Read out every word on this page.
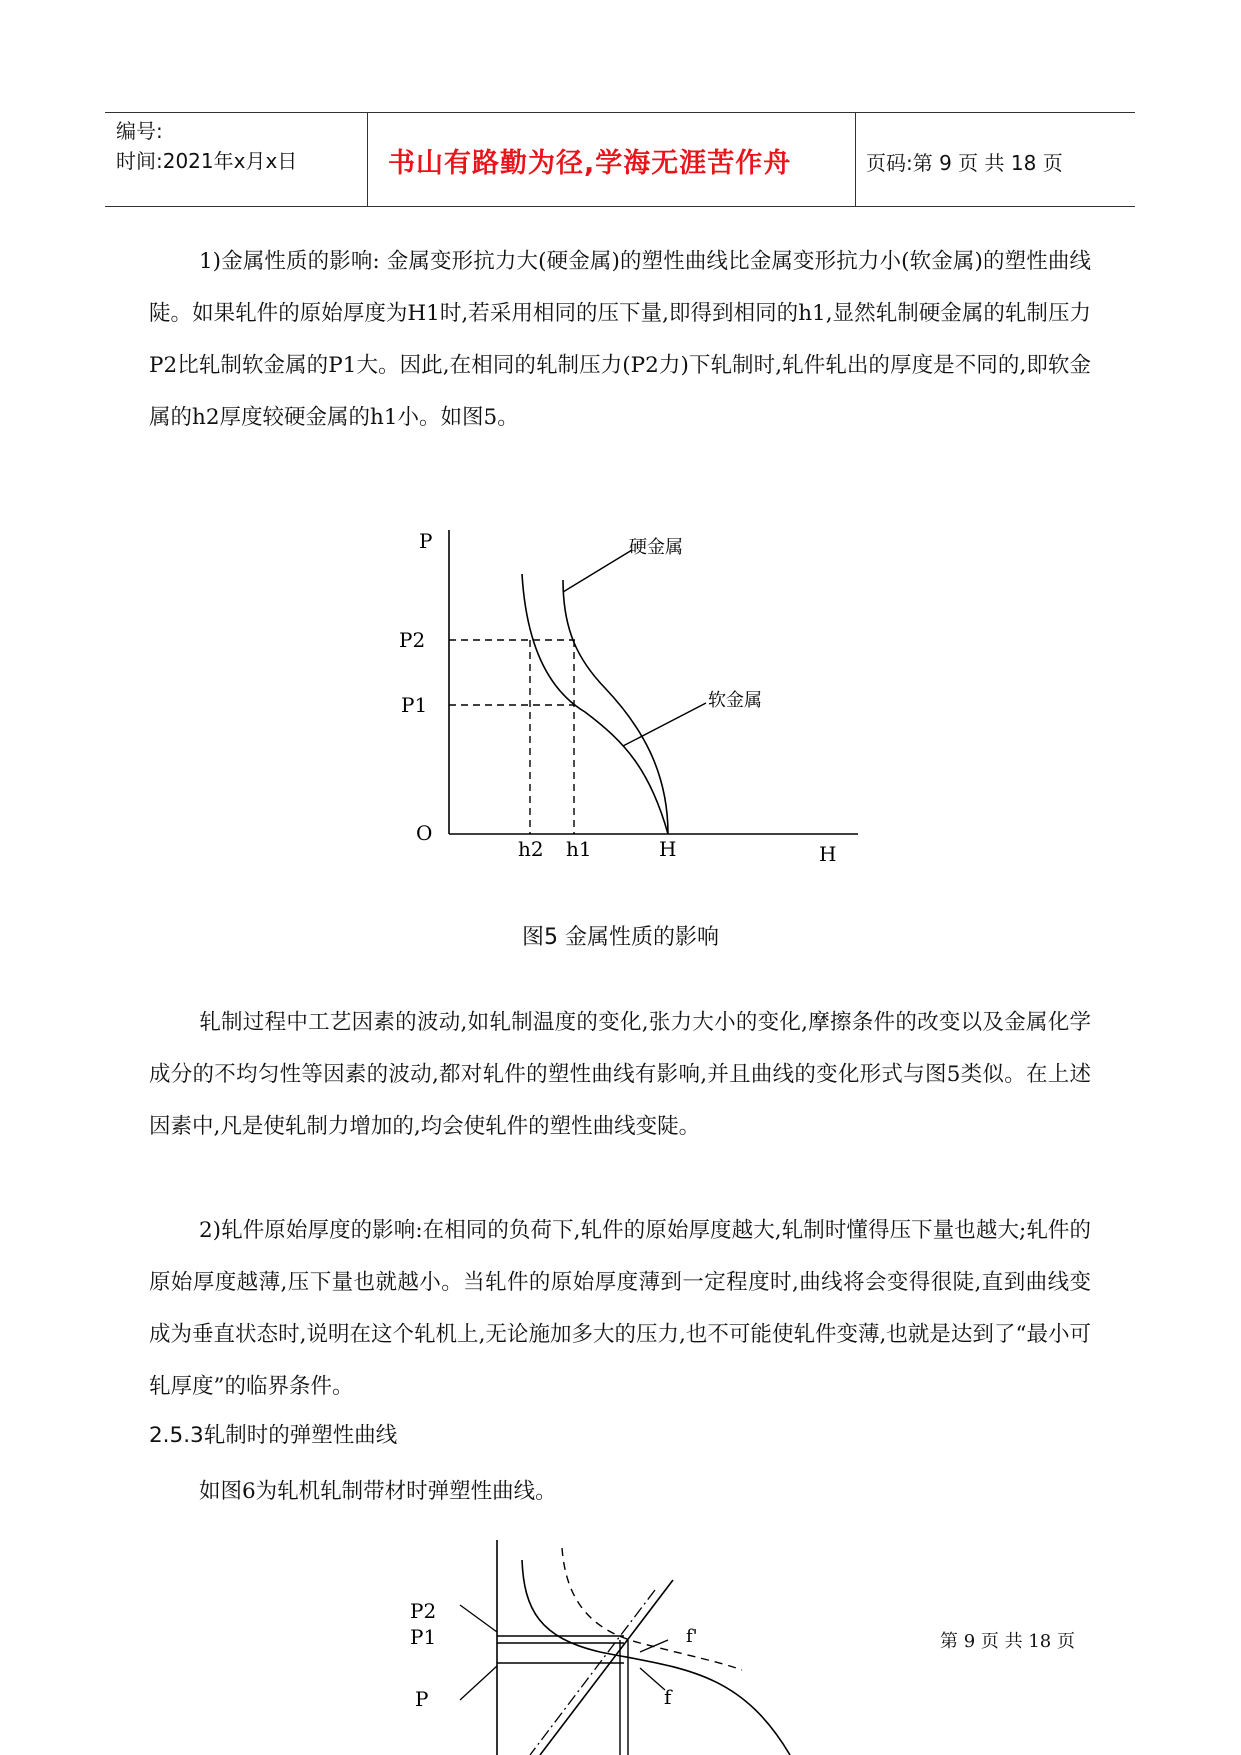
编号:
时间:2021年x月x日	书山有路勤为径,学海无涯苦作舟	页码:第 9 页 共 18 页
1)金属性质的影响: 金属变形抗力大(硬金属)的塑性曲线比金属变形抗力小(软金属)的塑性曲线陡。如果轧件的原始厚度为H1时,若采用相同的压下量,即得到相同的h1,显然轧制硬金属的轧制压力P2比轧制软金属的P1大。因此,在相同的轧制压力(P2力)下轧制时,轧件轧出的厚度是不同的,即软金属的h2厚度较硬金属的h1小。如图5。
P
P2
P1
O
h2 h1	H	H
硬金属
软金属
图5 金属性质的影响
轧制过程中工艺因素的波动,如轧制温度的变化,张力大小的变化,摩擦条件的改变以及金属化学成分的不均匀性等因素的波动,都对轧件的塑性曲线有影响,并且曲线的变化形式与图5类似。在上述因素中,凡是使轧制力增加的,均会使轧件的塑性曲线变陡。
2)轧件原始厚度的影响:在相同的负荷下,轧件的原始厚度越大,轧制时懂得压下量也越大;轧件的原始厚度越薄,压下量也就越小。当轧件的原始厚度薄到一定程度时,曲线将会变得很陡,直到曲线变成为垂直状态时,说明在这个轧机上,无论施加多大的压力,也不可能使轧件变薄,也就是达到了“最小可轧厚度”的临界条件。
2.5.3轧制时的弹塑性曲线
如图6为轧机轧制带材时弹塑性曲线。
P2
P1
P
f'
f
第 9 页 共 18 页
